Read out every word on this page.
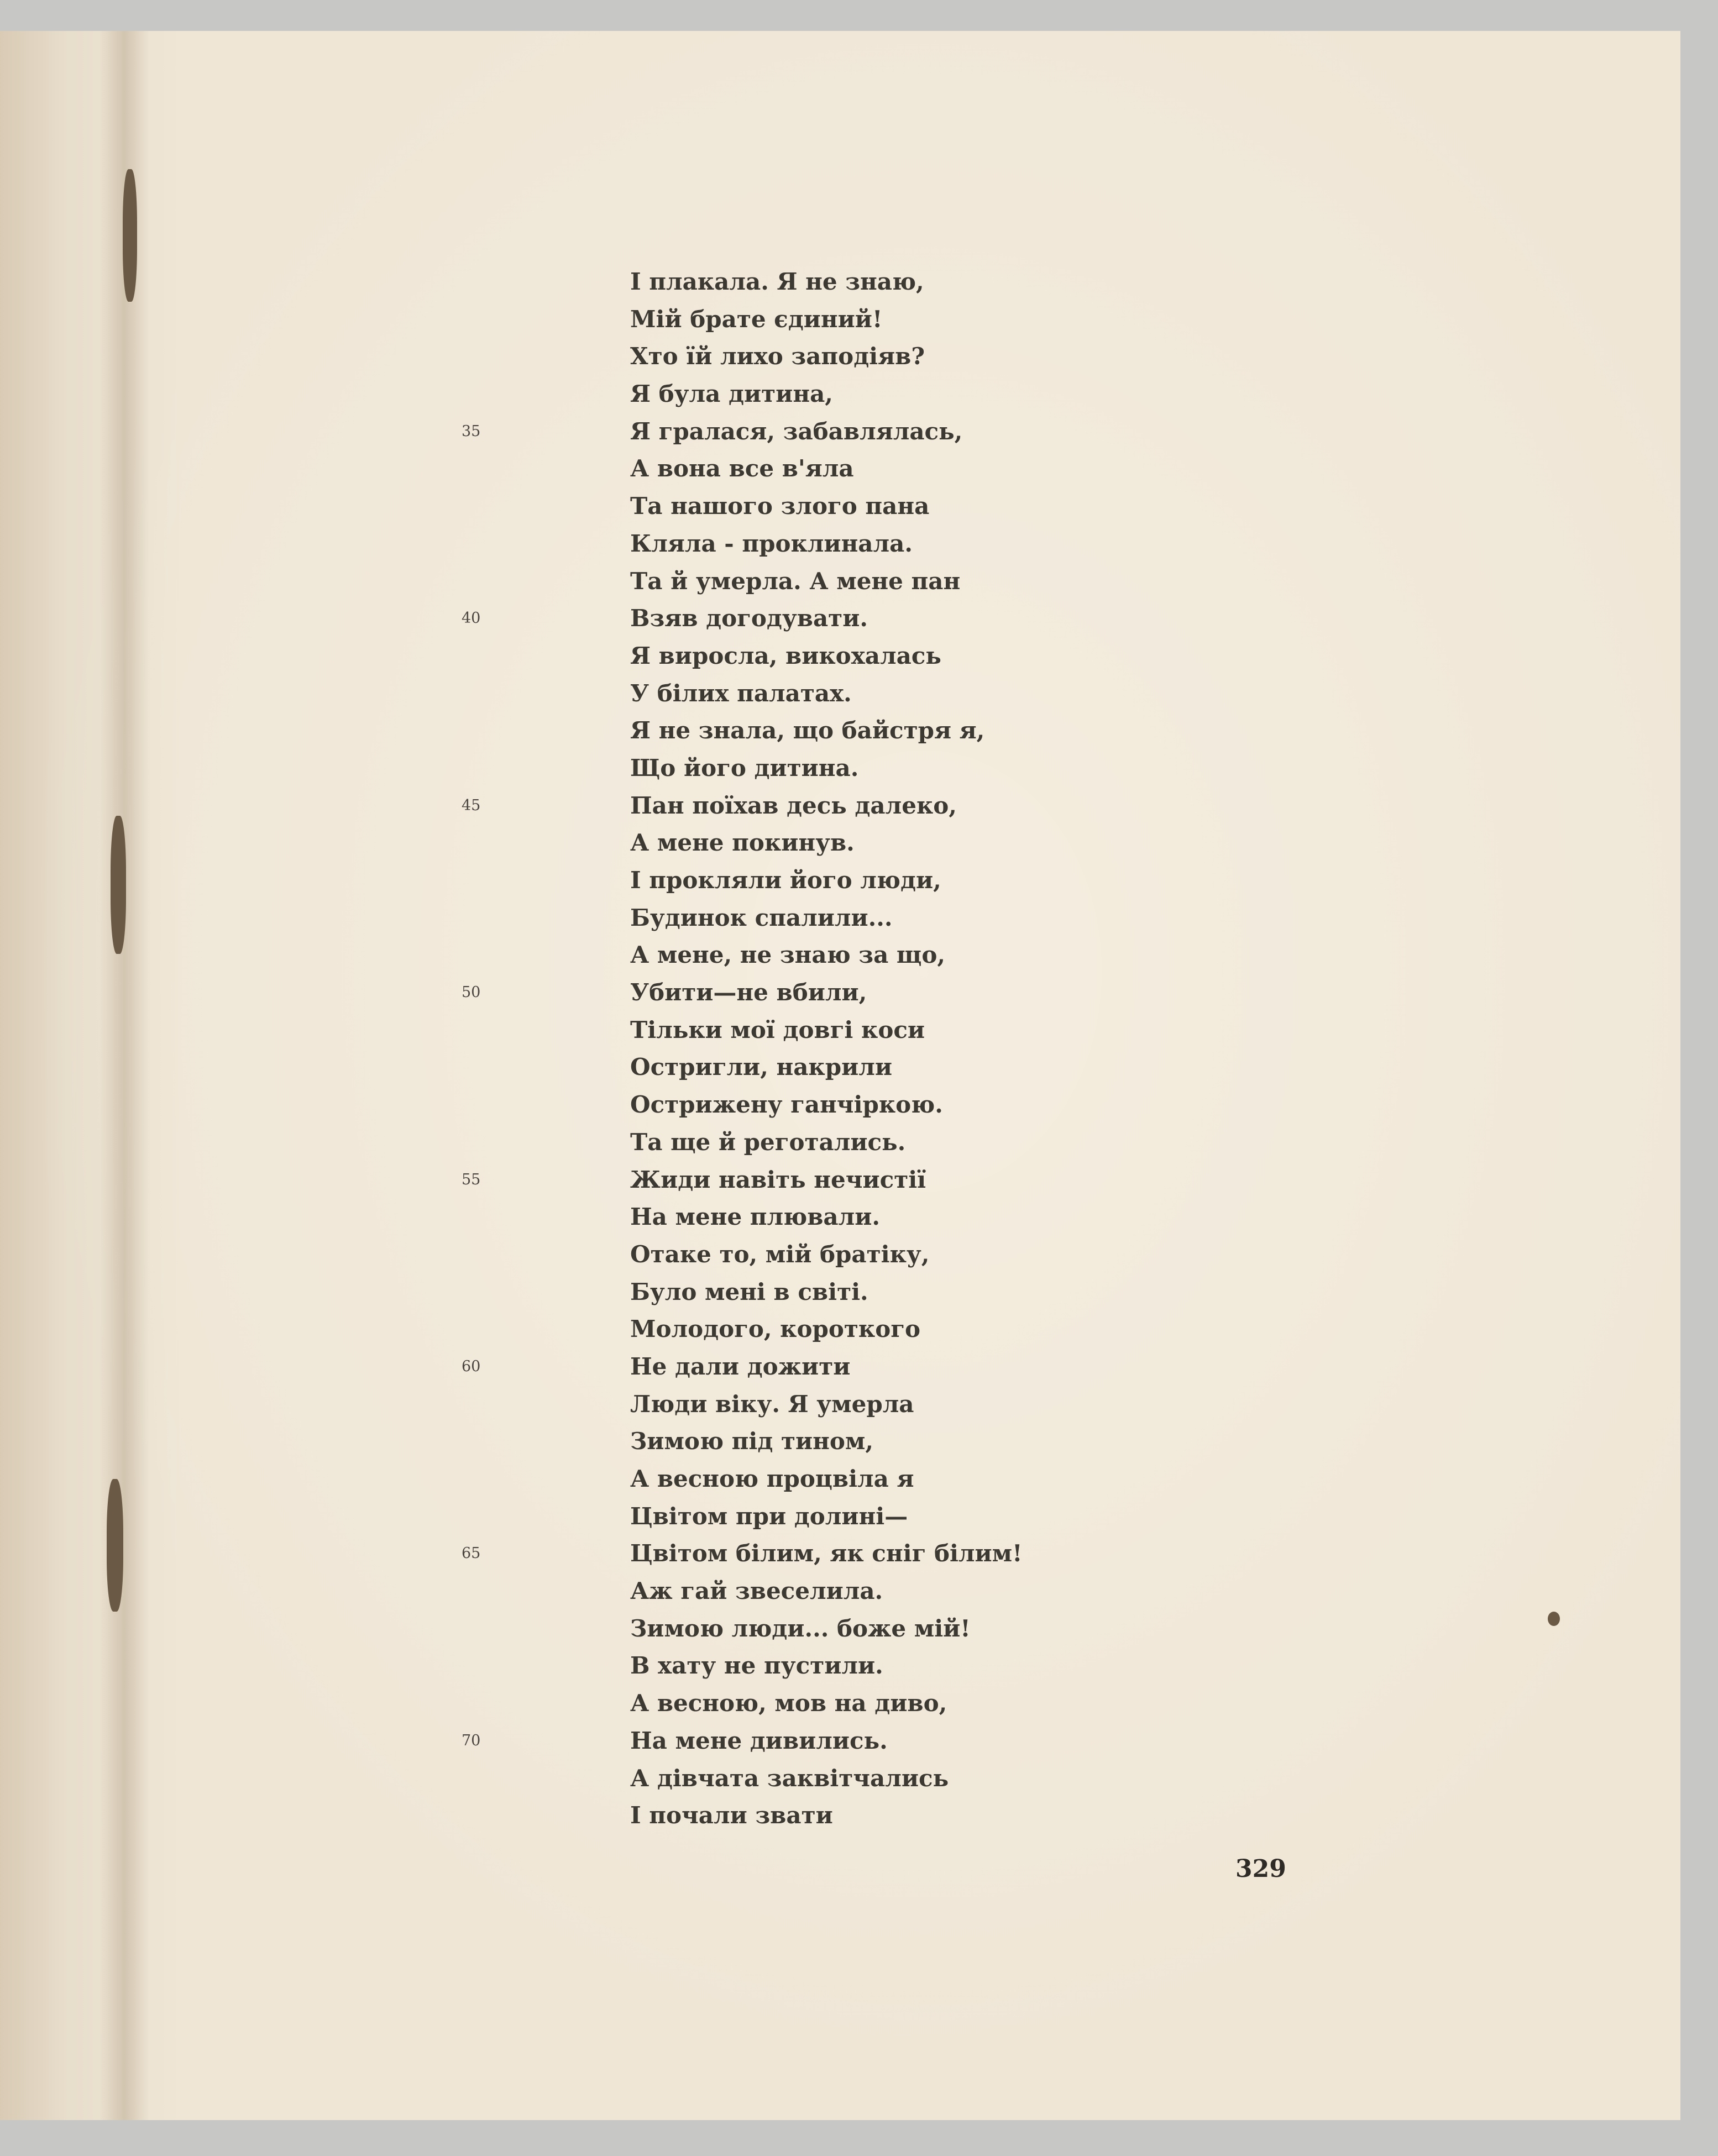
І плакала. Я не знаю,
Мій брате єдиний!
Хто їй лихо заподіяв?
Я була дитина,
35	Я гралася, забавлялась,
А вона все в'яла
Та нашого злого пана
Кляла - проклинала.
Та й умерла. А мене пан
40	Взяв догодувати.
Я виросла, викохалась
У білих палатах.
Я не знала, що байстря я,
Що його дитина.
45	Пан поїхав десь далеко,
А мене покинув.
І прокляли його люди,
Будинок спалили...
А мене, не знаю за що,
50	Убити—не вбили,
Тільки мої довгі коси
Остригли, накрили
Острижену ганчіркою.
Та ще й реготались.
55	Жиди навіть нечистії
На мене плювали.
Отаке то, мій братіку,
Було мені в світі.
Молодого, короткого
60	Не дали дожити
Люди віку. Я умерла
Зимою під тином,
А весною процвіла я
Цвітом при долині—
65	Цвітом білим, як сніг білим!
Аж гай звеселила.
Зимою люди... боже мій!
В хату не пустили.
А весною, мов на диво,
70	На мене дивились.
А дівчата заквітчались
І почали звати
329
